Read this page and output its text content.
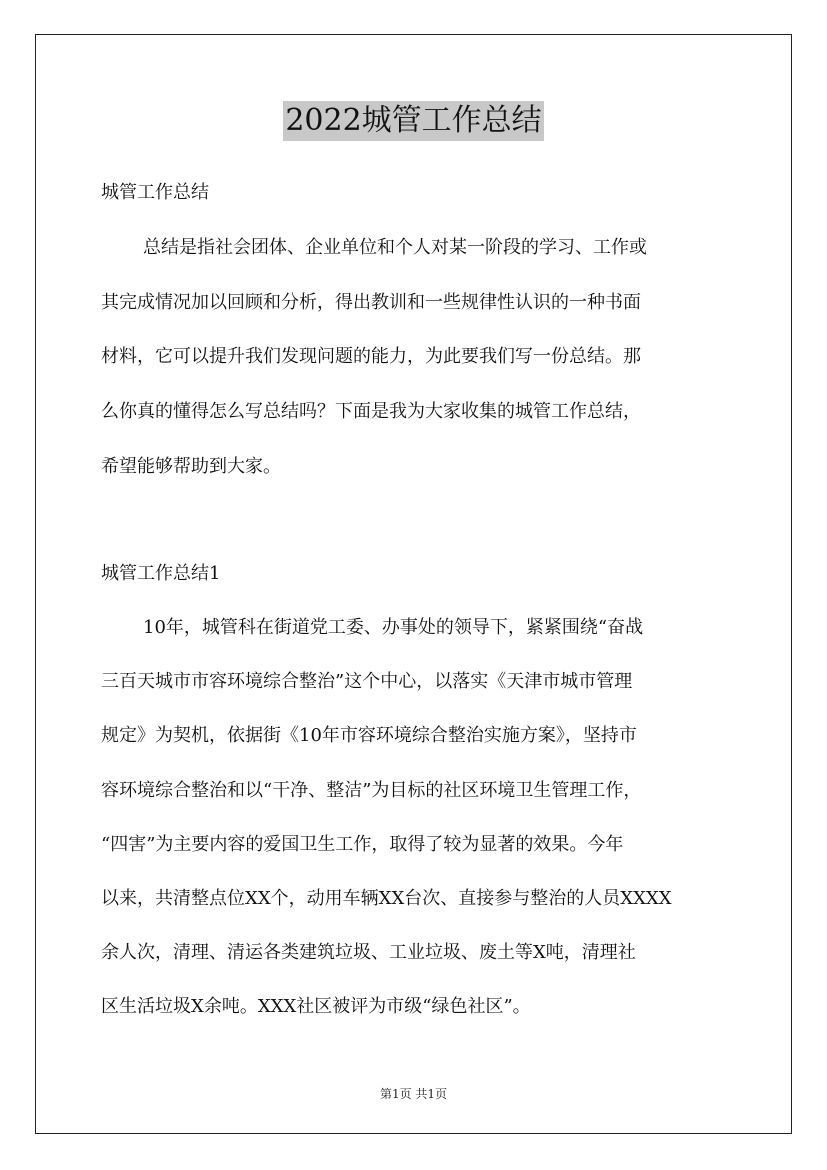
2022城管工作总结
城管工作总结
总结是指社会团体、企业单位和个人对某一阶段的学习、工作或
其完成情况加以回顾和分析，得出教训和一些规律性认识的一种书面
材料，它可以提升我们发现问题的能力，为此要我们写一份总结。那
么你真的懂得怎么写总结吗？下面是我为大家收集的城管工作总结，
希望能够帮助到大家。
城管工作总结1
10年，城管科在街道党工委、办事处的领导下，紧紧围绕“奋战
三百天城市市容环境综合整治”这个中心，以落实《天津市城市管理
规定》为契机，依据街《10年市容环境综合整治实施方案》，坚持市
容环境综合整治和以“干净、整洁”为目标的社区环境卫生管理工作，
“四害”为主要内容的爱国卫生工作，取得了较为显著的效果。今年
以来，共清整点位XX个，动用车辆XX台次、直接参与整治的人员XXXX
余人次，清理、清运各类建筑垃圾、工业垃圾、废土等X吨，清理社
区生活垃圾X余吨。XXX社区被评为市级“绿色社区”。
第1页 共1页
